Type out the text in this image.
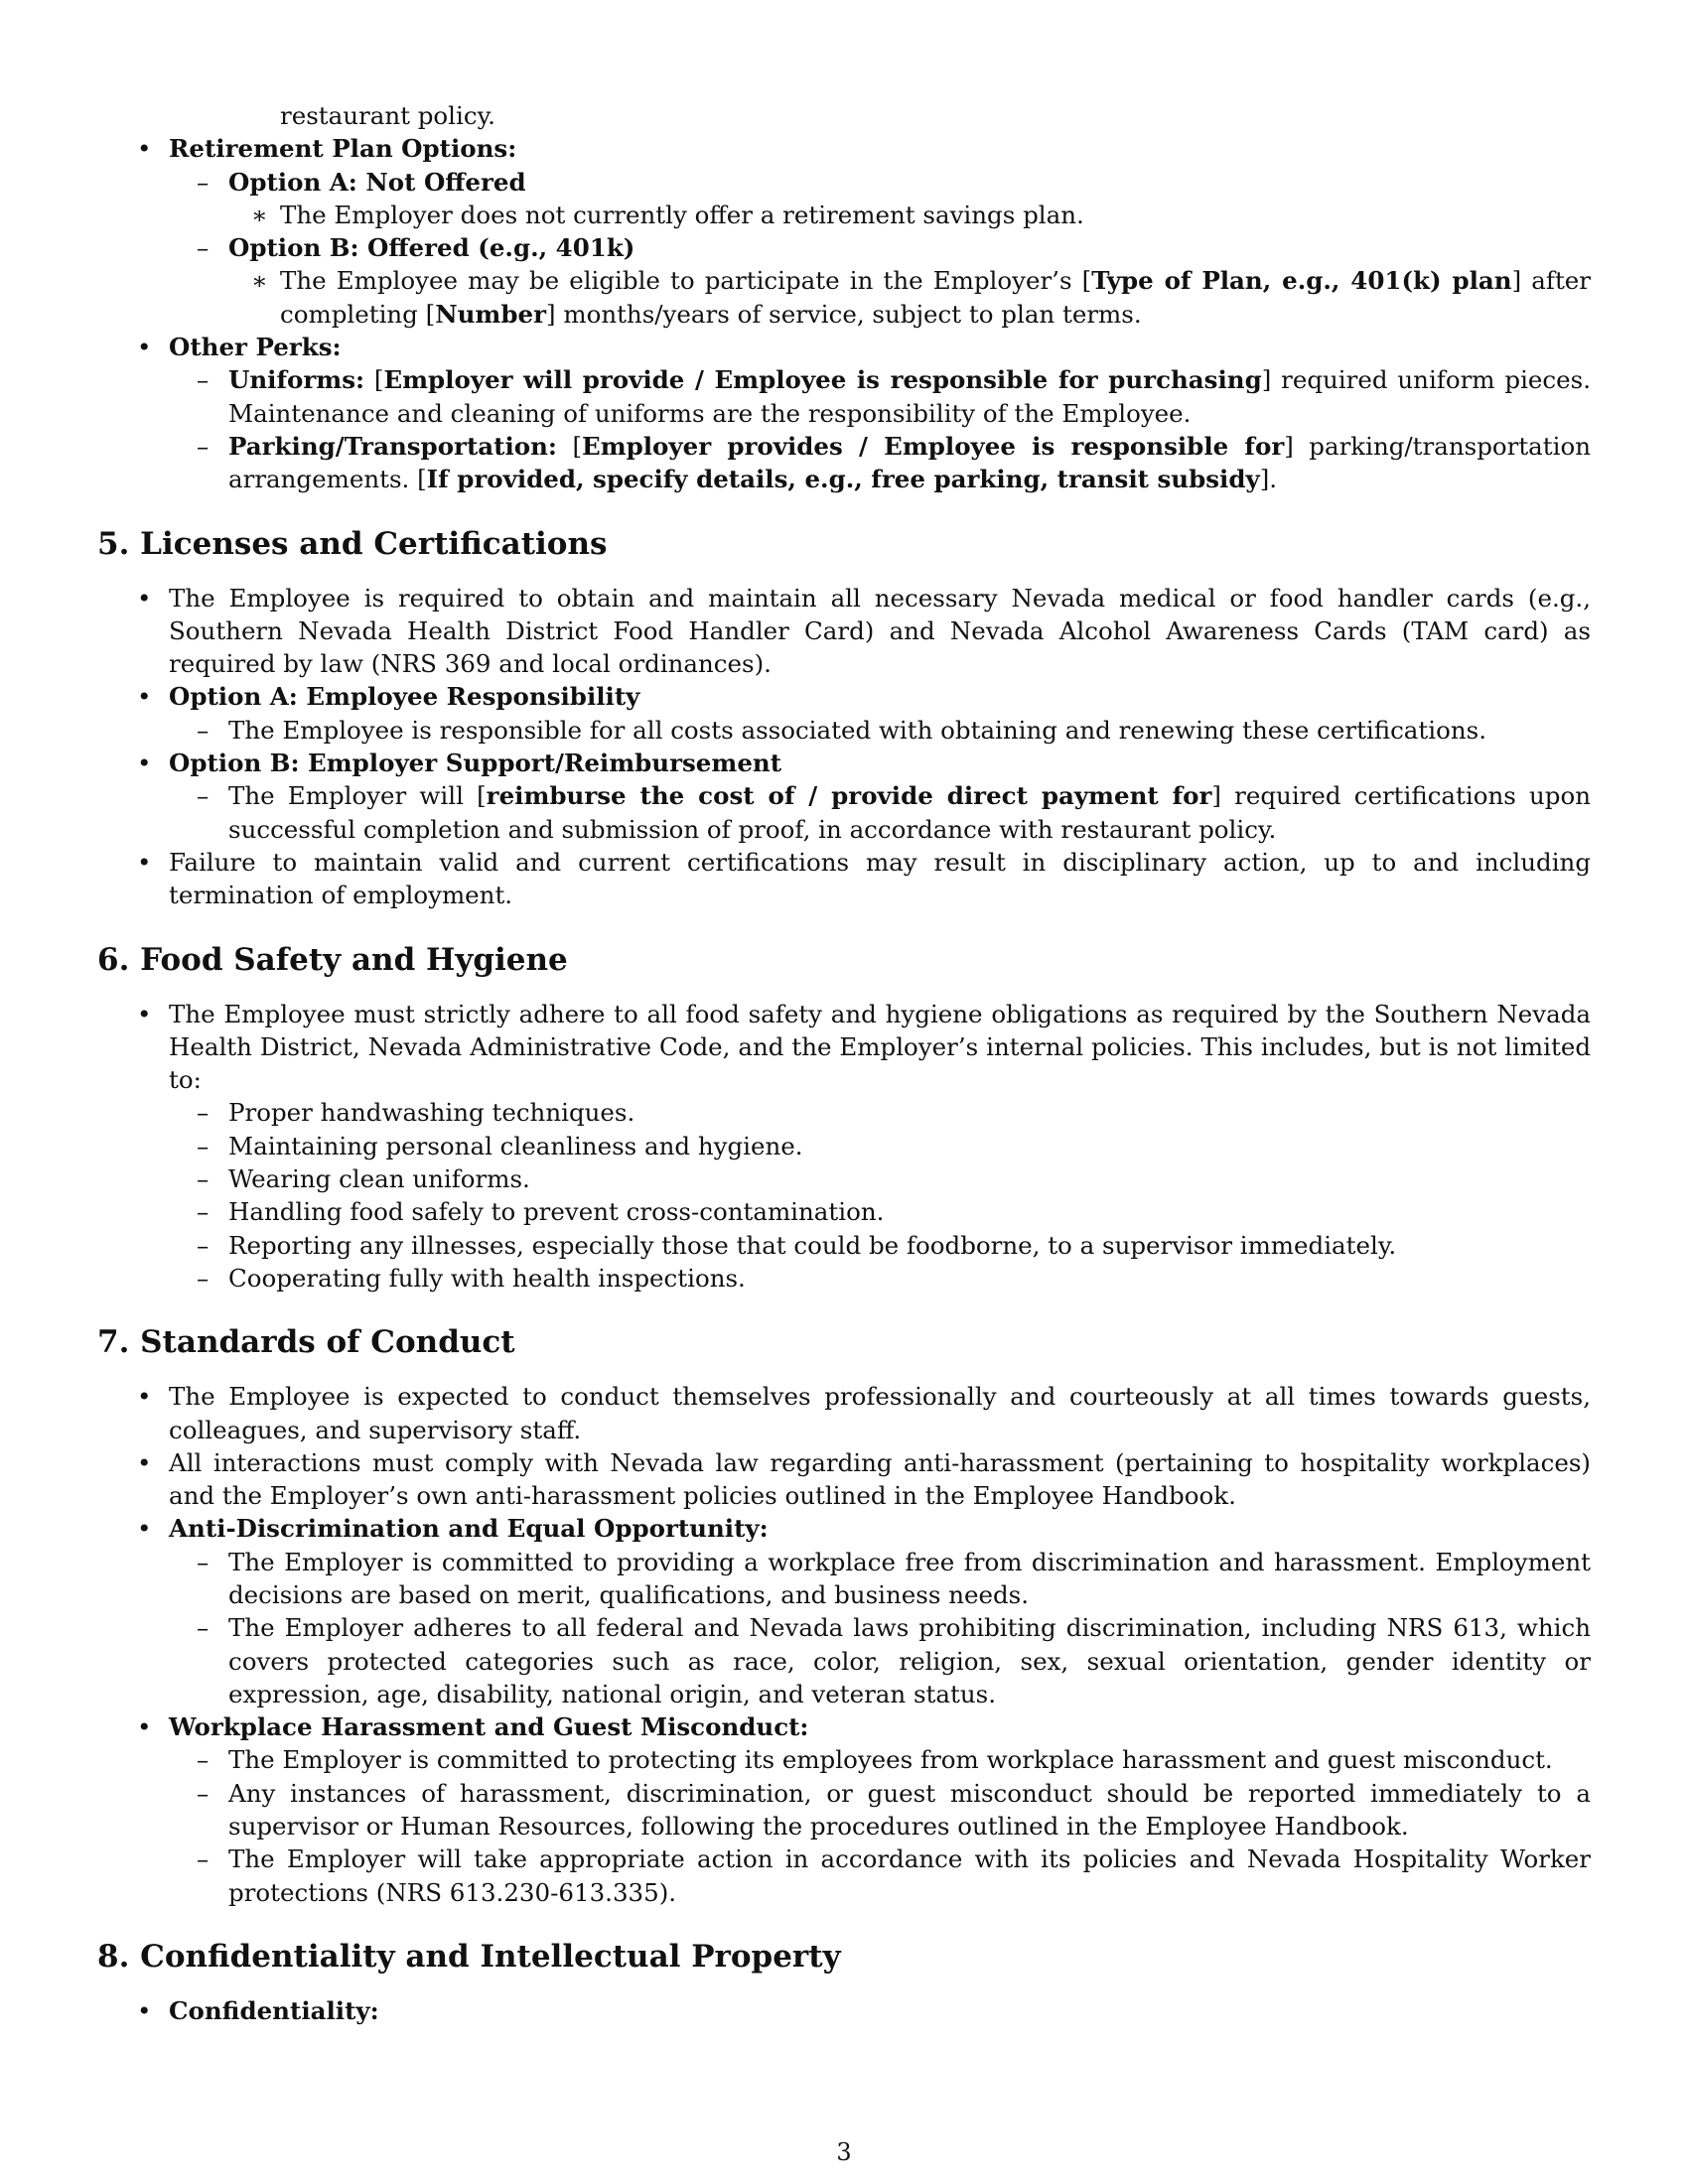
restaurant policy.
• Retirement Plan Options:
– Option A: Not Offered
∗ The Employer does not currently offer a retirement savings plan.
– Option B: Offered (e.g., 401k)
∗ The Employee may be eligible to participate in the Employer’s [Type of Plan, e.g., 401(k) plan] after completing [Number] months/years of service, subject to plan terms.
• Other Perks:
– Uniforms: [Employer will provide / Employee is responsible for purchasing] required uniform pieces. Maintenance and cleaning of uniforms are the responsibility of the Employee.
– Parking/Transportation: [Employer provides / Employee is responsible for] parking/transportation arrangements. [If provided, specify details, e.g., free parking, transit subsidy].
5. Licenses and Certifications
• The Employee is required to obtain and maintain all necessary Nevada medical or food handler cards (e.g., Southern Nevada Health District Food Handler Card) and Nevada Alcohol Awareness Cards (TAM card) as required by law (NRS 369 and local ordinances).
• Option A: Employee Responsibility
– The Employee is responsible for all costs associated with obtaining and renewing these certifications.
• Option B: Employer Support/Reimbursement
– The Employer will [reimburse the cost of / provide direct payment for] required certifications upon successful completion and submission of proof, in accordance with restaurant policy.
• Failure to maintain valid and current certifications may result in disciplinary action, up to and including termination of employment.
6. Food Safety and Hygiene
• The Employee must strictly adhere to all food safety and hygiene obligations as required by the Southern Nevada Health District, Nevada Administrative Code, and the Employer’s internal policies. This includes, but is not limited to:
– Proper handwashing techniques.
– Maintaining personal cleanliness and hygiene.
– Wearing clean uniforms.
– Handling food safely to prevent cross-contamination.
– Reporting any illnesses, especially those that could be foodborne, to a supervisor immediately.
– Cooperating fully with health inspections.
7. Standards of Conduct
• The Employee is expected to conduct themselves professionally and courteously at all times towards guests, colleagues, and supervisory staff.
• All interactions must comply with Nevada law regarding anti-harassment (pertaining to hospitality workplaces) and the Employer’s own anti-harassment policies outlined in the Employee Handbook.
• Anti-Discrimination and Equal Opportunity:
– The Employer is committed to providing a workplace free from discrimination and harassment. Employment decisions are based on merit, qualifications, and business needs.
– The Employer adheres to all federal and Nevada laws prohibiting discrimination, including NRS 613, which covers protected categories such as race, color, religion, sex, sexual orientation, gender identity or expression, age, disability, national origin, and veteran status.
• Workplace Harassment and Guest Misconduct:
– The Employer is committed to protecting its employees from workplace harassment and guest misconduct.
– Any instances of harassment, discrimination, or guest misconduct should be reported immediately to a supervisor or Human Resources, following the procedures outlined in the Employee Handbook.
– The Employer will take appropriate action in accordance with its policies and Nevada Hospitality Worker protections (NRS 613.230-613.335).
8. Confidentiality and Intellectual Property
• Confidentiality:
3
